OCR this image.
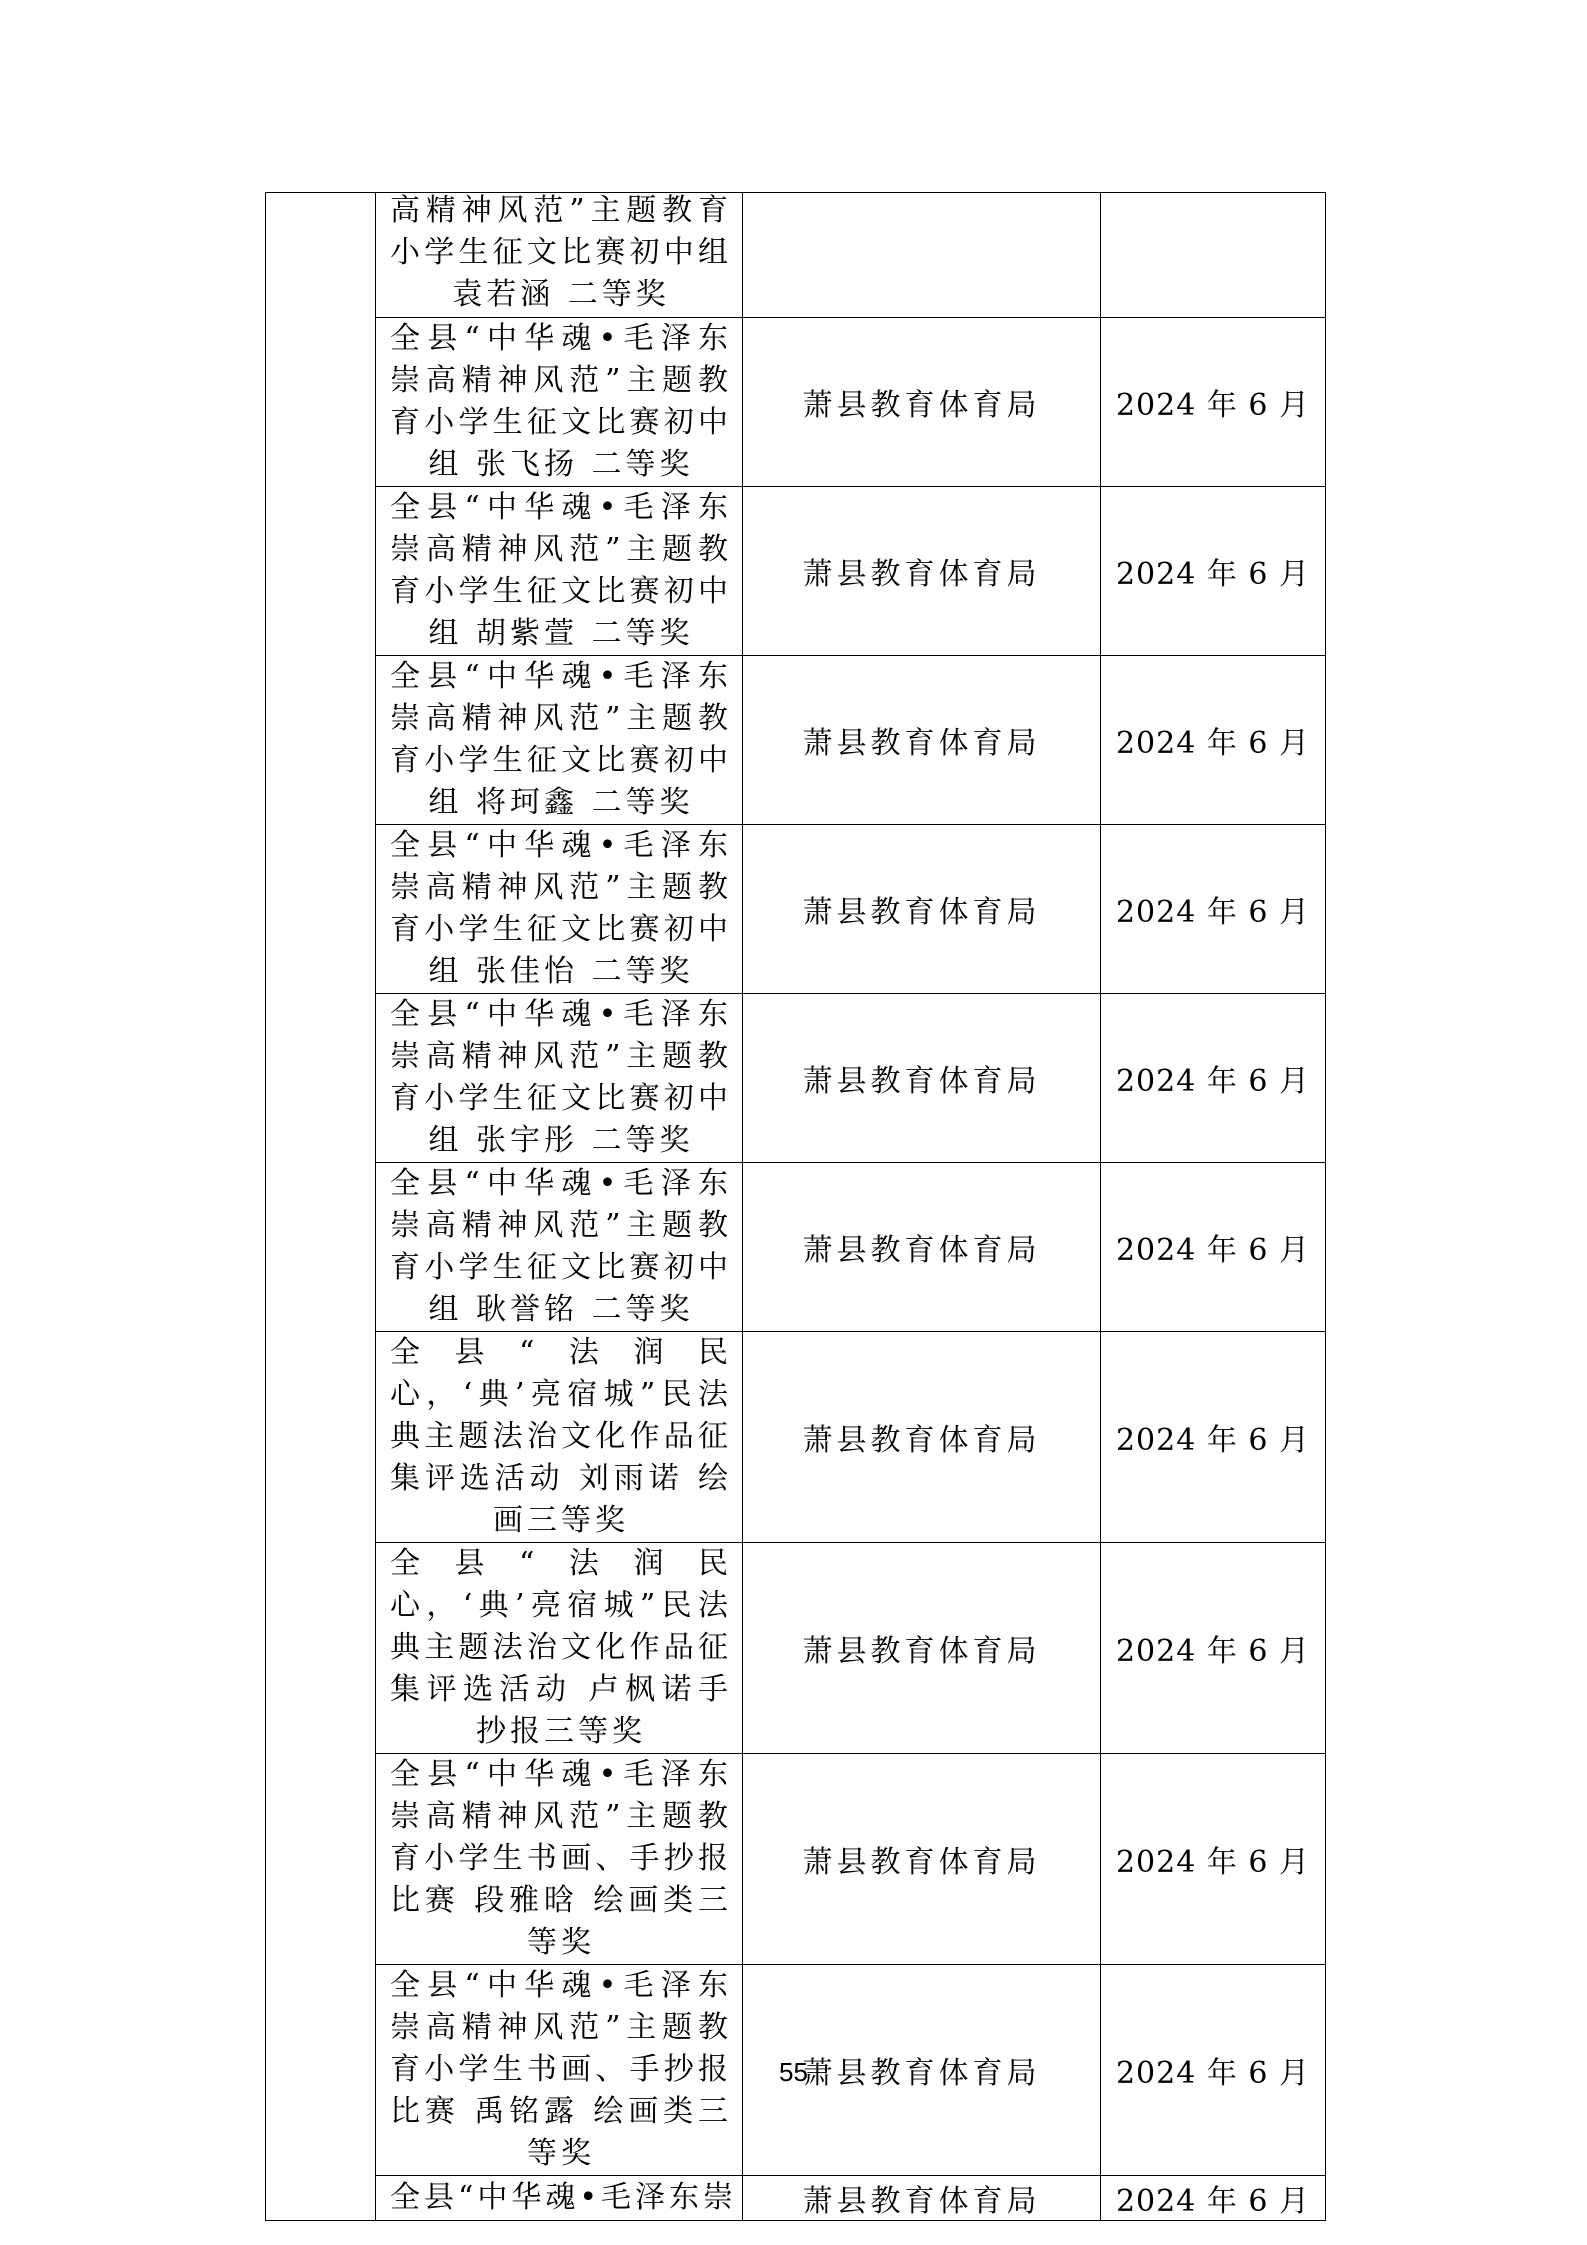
	高精神风范”主题教育小学生征文比赛初中组 袁若涵 二等奖		

	全县“中华魂•毛泽东崇高精神风范”主题教育小学生征文比赛初中组 张飞扬 二等奖	萧县教育体育局	2024 年 6 月

	全县“中华魂•毛泽东崇高精神风范”主题教育小学生征文比赛初中组 胡紫萱 二等奖	萧县教育体育局	2024 年 6 月

	全县“中华魂•毛泽东崇高精神风范”主题教育小学生征文比赛初中组 将珂鑫 二等奖	萧县教育体育局	2024 年 6 月

	全县“中华魂•毛泽东崇高精神风范”主题教育小学生征文比赛初中组 张佳怡 二等奖	萧县教育体育局	2024 年 6 月

	全县“中华魂•毛泽东崇高精神风范”主题教育小学生征文比赛初中组 张宇彤 二等奖	萧县教育体育局	2024 年 6 月

	全县“中华魂•毛泽东崇高精神风范”主题教育小学生征文比赛初中组 耿誉铭 二等奖	萧县教育体育局	2024 年 6 月

	全县“法润民心，‘典’亮宿城”民法典主题法治文化作品征集评选活动 刘雨诺 绘画三等奖	萧县教育体育局	2024 年 6 月

	全县“法润民心，‘典’亮宿城”民法典主题法治文化作品征集评选活动 卢枫诺手抄报三等奖	萧县教育体育局	2024 年 6 月

	全县“中华魂•毛泽东崇高精神风范”主题教育小学生书画、手抄报比赛 段雅晗 绘画类三等奖	萧县教育体育局	2024 年 6 月

	全县“中华魂•毛泽东崇高精神风范”主题教育小学生书画、手抄报比赛 禹铭露 绘画类三等奖	萧县教育体育局	2024 年 6 月

	全县“中华魂•毛泽东崇	萧县教育体育局	2024 年 6 月
55
